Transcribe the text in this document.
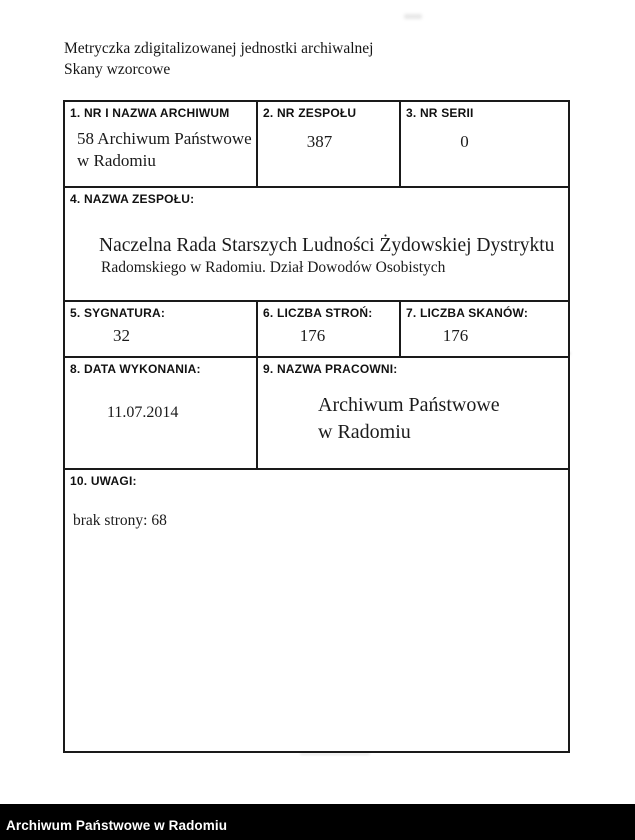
Metryczka zdigitalizowanej jednostki archiwalnej
Skany wzorcowe
1. NR I NAZWA ARCHIWUM
58 Archiwum Państwowe
w Radomiu
2. NR ZESPOŁU
387
3. NR SERII
0
4. NAZWA ZESPOŁU:
Naczelna Rada Starszych Ludności Żydowskiej Dystryktu
Radomskiego w Radomiu. Dział Dowodów Osobistych
5. SYGNATURA:
32
6. LICZBA STROŃ:
176
7. LICZBA SKANÓW:
176
8. DATA WYKONANIA:
11.07.2014
9. NAZWA PRACOWNI:
Archiwum Państwowe
w Radomiu
10. UWAGI:
brak strony: 68
Archiwum Państwowe w Radomiu
